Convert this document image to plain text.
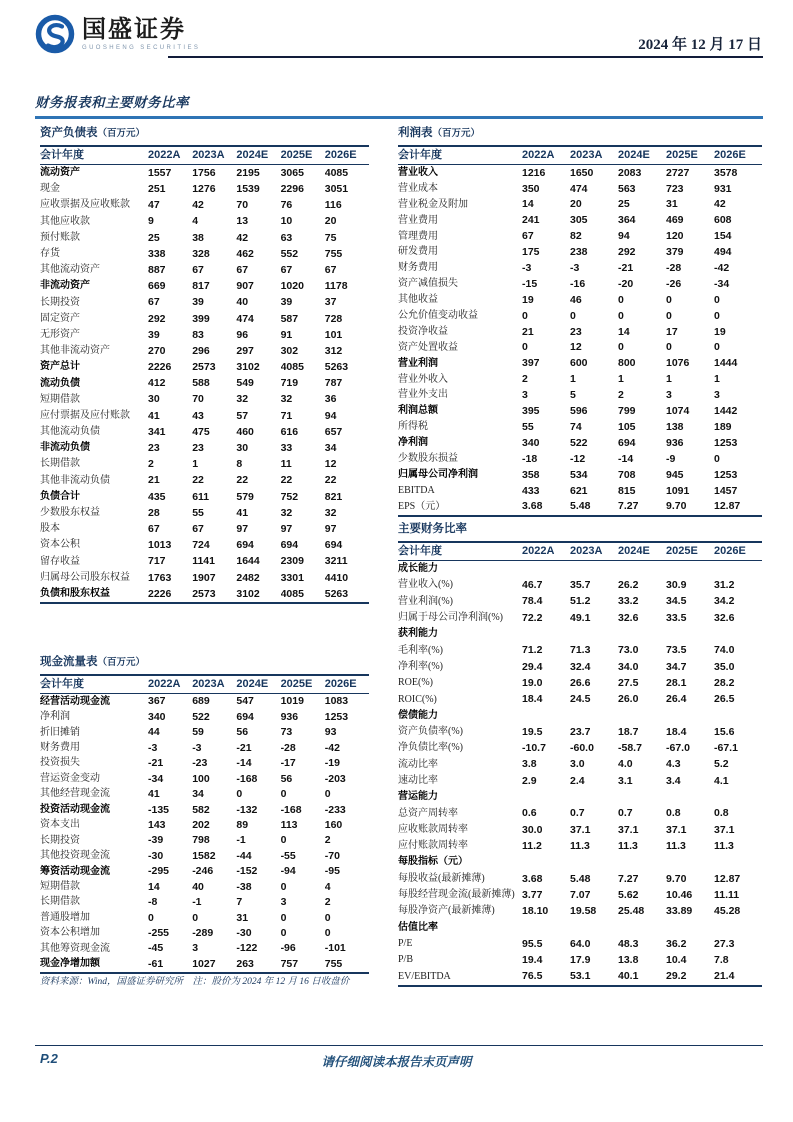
国盛证券
GUOSHENG SECURITIES	2024 年 12 月 17 日
财务报表和主要财务比率
资产负债表（百万元）
会计年度	2022A	2023A	2024E	2025E	2026E
流动资产	1557	1756	2195	3065	4085
现金	251	1276	1539	2296	3051
应收票据及应收账款	47	42	70	76	116
其他应收款	9	4	13	10	20
预付账款	25	38	42	63	75
存货	338	328	462	552	755
其他流动资产	887	67	67	67	67
非流动资产	669	817	907	1020	1178
长期投资	67	39	40	39	37
固定资产	292	399	474	587	728
无形资产	39	83	96	91	101
其他非流动资产	270	296	297	302	312
资产总计	2226	2573	3102	4085	5263
流动负债	412	588	549	719	787
短期借款	30	70	32	32	36
应付票据及应付账款	41	43	57	71	94
其他流动负债	341	475	460	616	657
非流动负债	23	23	30	33	34
长期借款	2	1	8	11	12
其他非流动负债	21	22	22	22	22
负债合计	435	611	579	752	821
少数股东权益	28	55	41	32	32
股本	67	67	97	97	97
资本公积	1013	724	694	694	694
留存收益	717	1141	1644	2309	3211
归属母公司股东权益	1763	1907	2482	3301	4410
负债和股东权益	2226	2573	3102	4085	5263
利润表（百万元）
会计年度	2022A	2023A	2024E	2025E	2026E
营业收入	1216	1650	2083	2727	3578
营业成本	350	474	563	723	931
营业税金及附加	14	20	25	31	42
营业费用	241	305	364	469	608
管理费用	67	82	94	120	154
研发费用	175	238	292	379	494
财务费用	-3	-3	-21	-28	-42
资产减值损失	-15	-16	-20	-26	-34
其他收益	19	46	0	0	0
公允价值变动收益	0	0	0	0	0
投资净收益	21	23	14	17	19
资产处置收益	0	12	0	0	0
营业利润	397	600	800	1076	1444
营业外收入	2	1	1	1	1
营业外支出	3	5	2	3	3
利润总额	395	596	799	1074	1442
所得税	55	74	105	138	189
净利润	340	522	694	936	1253
少数股东损益	-18	-12	-14	-9	0
归属母公司净利润	358	534	708	945	1253
EBITDA	433	621	815	1091	1457
EPS（元）	3.68	5.48	7.27	9.70	12.87
主要财务比率
会计年度	2022A	2023A	2024E	2025E	2026E
成长能力					
营业收入(%)	46.7	35.7	26.2	30.9	31.2
营业利润(%)	78.4	51.2	33.2	34.5	34.2
归属于母公司净利润(%)	72.2	49.1	32.6	33.5	32.6
获利能力					
毛利率(%)	71.2	71.3	73.0	73.5	74.0
净利率(%)	29.4	32.4	34.0	34.7	35.0
ROE(%)	19.0	26.6	27.5	28.1	28.2
ROIC(%)	18.4	24.5	26.0	26.4	26.5
偿债能力					
资产负债率(%)	19.5	23.7	18.7	18.4	15.6
净负债比率(%)	-10.7	-60.0	-58.7	-67.0	-67.1
流动比率	3.8	3.0	4.0	4.3	5.2
速动比率	2.9	2.4	3.1	3.4	4.1
营运能力					
总资产周转率	0.6	0.7	0.7	0.8	0.8
应收账款周转率	30.0	37.1	37.1	37.1	37.1
应付账款周转率	11.2	11.3	11.3	11.3	11.3
每股指标（元）					
每股收益(最新摊薄)	3.68	5.48	7.27	9.70	12.87
每股经营现金流(最新摊薄)	3.77	7.07	5.62	10.46	11.11
每股净资产(最新摊薄)	18.10	19.58	25.48	33.89	45.28
估值比率					
P/E	95.5	64.0	48.3	36.2	27.3
P/B	19.4	17.9	13.8	10.4	7.8
EV/EBITDA	76.5	53.1	40.1	29.2	21.4
现金流量表（百万元）
会计年度	2022A	2023A	2024E	2025E	2026E
经营活动现金流	367	689	547	1019	1083
净利润	340	522	694	936	1253
折旧摊销	44	59	56	73	93
财务费用	-3	-3	-21	-28	-42
投资损失	-21	-23	-14	-17	-19
营运资金变动	-34	100	-168	56	-203
其他经营现金流	41	34	0	0	0
投资活动现金流	-135	582	-132	-168	-233
资本支出	143	202	89	113	160
长期投资	-39	798	-1	0	2
其他投资现金流	-30	1582	-44	-55	-70
筹资活动现金流	-295	-246	-152	-94	-95
短期借款	14	40	-38	0	4
长期借款	-8	-1	7	3	2
普通股增加	0	0	31	0	0
资本公积增加	-255	-289	-30	0	0
其他筹资现金流	-45	3	-122	-96	-101
现金净增加额	-61	1027	263	757	755
资料来源：Wind，国盛证券研究所　注：股价为 2024 年 12 月 16 日收盘价
P.2	请仔细阅读本报告末页声明
